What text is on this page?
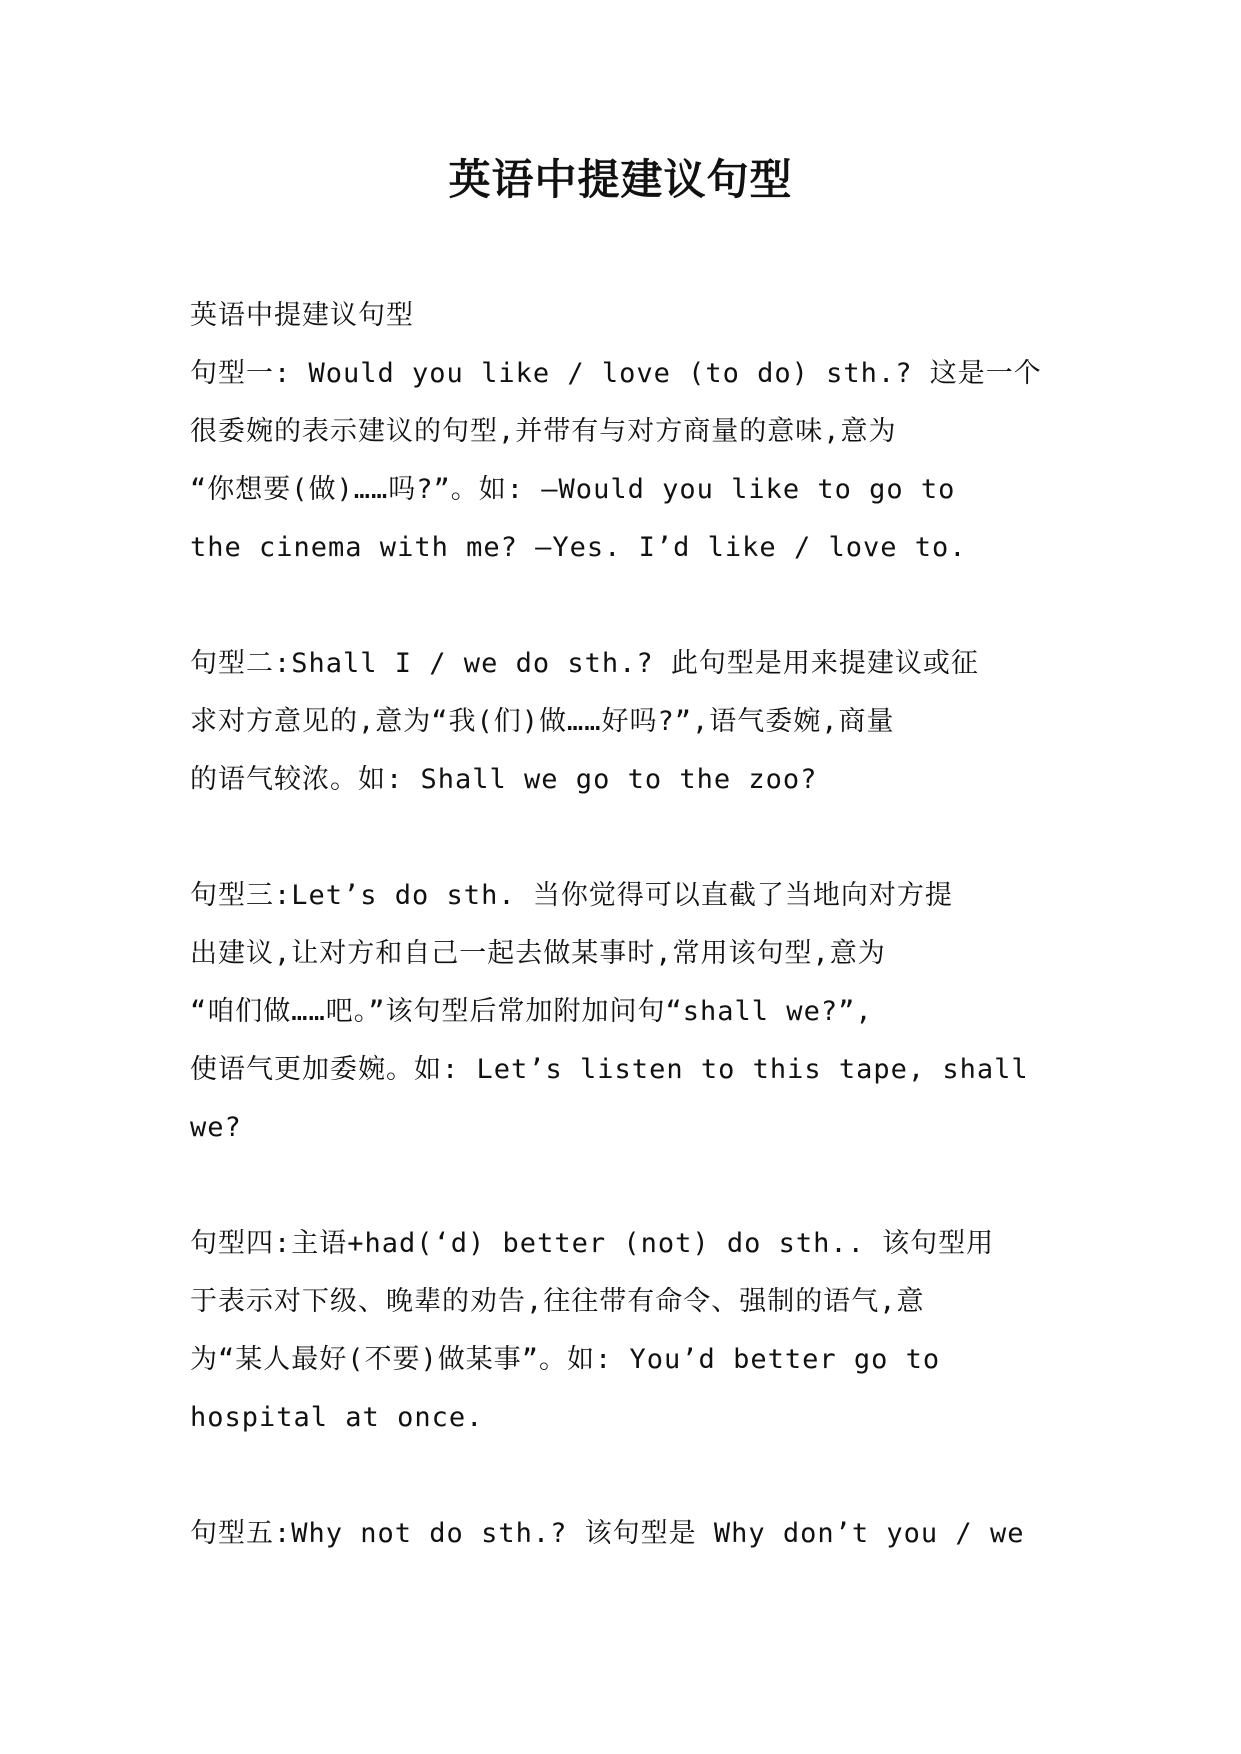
英语中提建议句型
英语中提建议句型
句型一: Would you like / love (to do) sth.? 这是一个
很委婉的表示建议的句型,并带有与对方商量的意味,意为
“你想要(做)……吗?”。如: —Would you like to go to
the cinema with me? —Yes. I’d like / love to.
句型二:Shall I / we do sth.? 此句型是用来提建议或征
求对方意见的,意为“我(们)做……好吗?”,语气委婉,商量
的语气较浓。如: Shall we go to the zoo?
句型三:Let’s do sth. 当你觉得可以直截了当地向对方提
出建议,让对方和自己一起去做某事时,常用该句型,意为
“咱们做……吧。”该句型后常加附加问句“shall we?”,
使语气更加委婉。如: Let’s listen to this tape, shall
we?
句型四:主语+had(‘d) better (not) do sth.. 该句型用
于表示对下级、晚辈的劝告,往往带有命令、强制的语气,意
为“某人最好(不要)做某事”。如: You’d better go to
hospital at once.
句型五:Why not do sth.? 该句型是 Why don’t you / we
